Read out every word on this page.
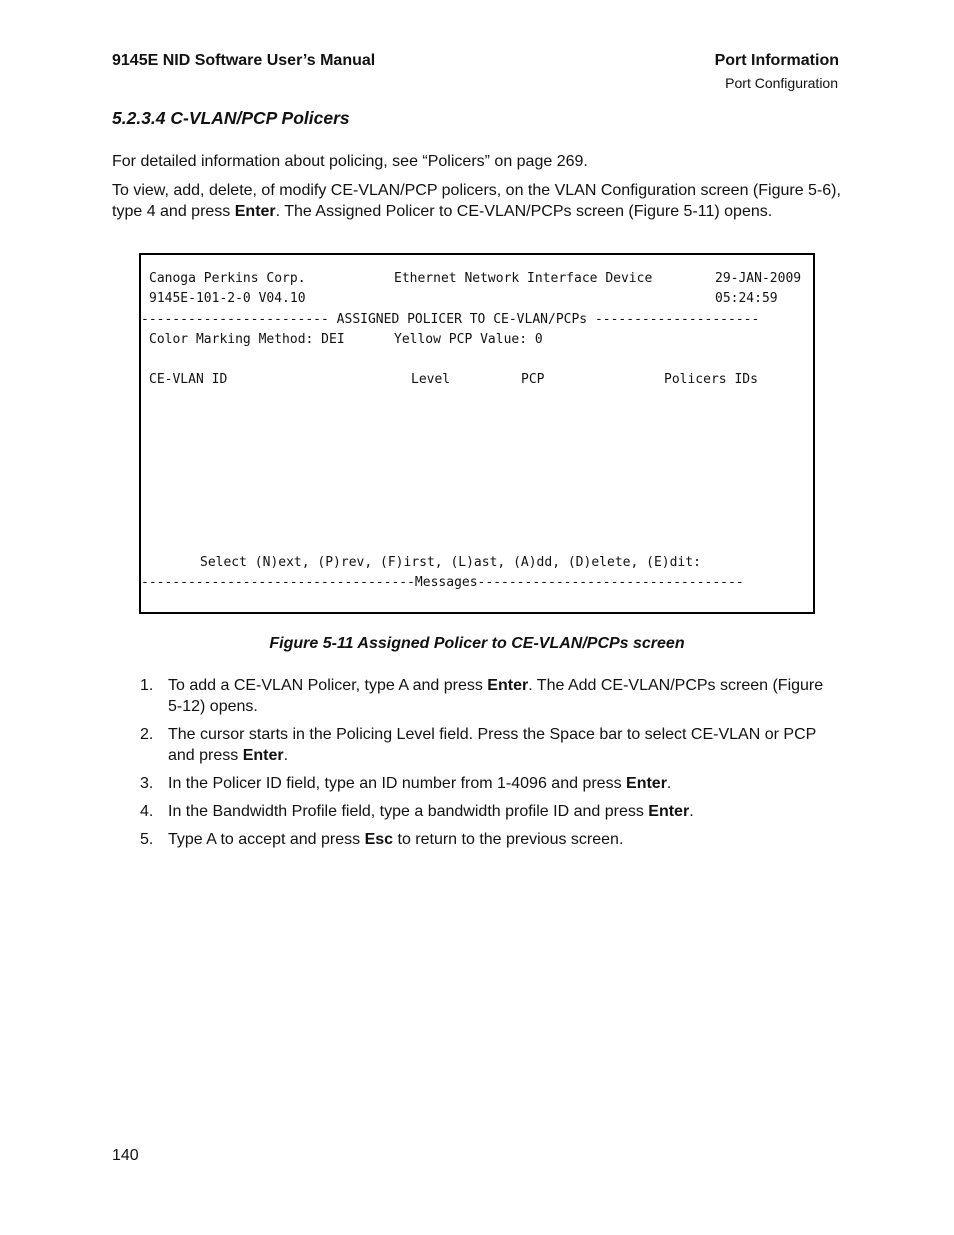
9145E NID Software User’s Manual	Port Information
Port Configuration
5.2.3.4 C-VLAN/PCP Policers
For detailed information about policing, see “Policers” on page 269.
To view, add, delete, of modify CE-VLAN/PCP policers, on the VLAN Configuration screen (Figure 5-6), type 4 and press Enter. The Assigned Policer to CE-VLAN/PCPs screen (Figure 5-11) opens.
Canoga Perkins Corp.	Ethernet Network Interface Device	29-JAN-2009
9145E-101-2-0 V04.10	05:24:59
------------------------ ASSIGNED POLICER TO CE-VLAN/PCPs ---------------------
Color Marking Method: DEI	Yellow PCP Value: 0
CE-VLAN ID	Level	PCP	Policers IDs
Select (N)ext, (P)rev, (F)irst, (L)ast, (A)dd, (D)elete, (E)dit:
-----------------------------------Messages----------------------------------
Figure 5-11 Assigned Policer to CE-VLAN/PCPs screen
1. To add a CE-VLAN Policer, type A and press Enter. The Add CE-VLAN/PCPs screen (Figure 5-12) opens.
2. The cursor starts in the Policing Level field. Press the Space bar to select CE-VLAN or PCP and press Enter.
3. In the Policer ID field, type an ID number from 1-4096 and press Enter.
4. In the Bandwidth Profile field, type a bandwidth profile ID and press Enter.
5. Type A to accept and press Esc to return to the previous screen.
140
